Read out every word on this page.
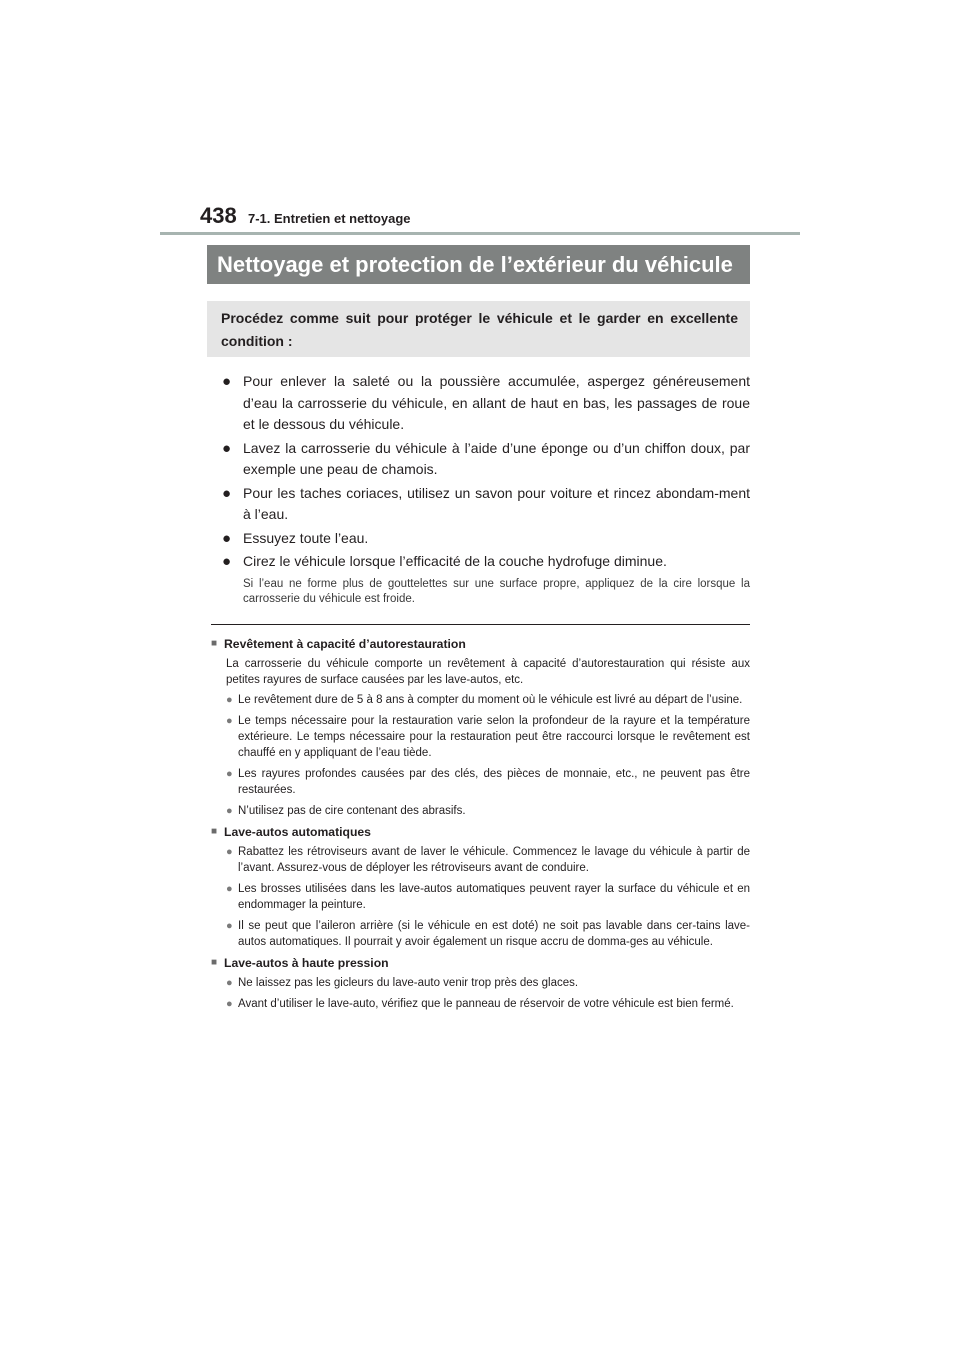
438 7-1. Entretien et nettoyage
Nettoyage et protection de l’extérieur du véhicule
Procédez comme suit pour protéger le véhicule et le garder en excellente condition :
● Pour enlever la saleté ou la poussière accumulée, aspergez généreusement d’eau la carrosserie du véhicule, en allant de haut en bas, les passages de roue et le dessous du véhicule.
● Lavez la carrosserie du véhicule à l’aide d’une éponge ou d’un chiffon doux, par exemple une peau de chamois.
● Pour les taches coriaces, utilisez un savon pour voiture et rincez abondam-ment à l’eau.
● Essuyez toute l’eau.
● Cirez le véhicule lorsque l’efficacité de la couche hydrofuge diminue.
Si l’eau ne forme plus de gouttelettes sur une surface propre, appliquez de la cire lorsque la carrosserie du véhicule est froide.
■ Revêtement à capacité d’autorestauration
La carrosserie du véhicule comporte un revêtement à capacité d’autorestauration qui résiste aux petites rayures de surface causées par les lave-autos, etc.
● Le revêtement dure de 5 à 8 ans à compter du moment où le véhicule est livré au départ de l’usine.
● Le temps nécessaire pour la restauration varie selon la profondeur de la rayure et la température extérieure. Le temps nécessaire pour la restauration peut être raccourci lorsque le revêtement est chauffé en y appliquant de l’eau tiède.
● Les rayures profondes causées par des clés, des pièces de monnaie, etc., ne peuvent pas être restaurées.
● N’utilisez pas de cire contenant des abrasifs.
■ Lave-autos automatiques
● Rabattez les rétroviseurs avant de laver le véhicule. Commencez le lavage du véhicule à partir de l’avant. Assurez-vous de déployer les rétroviseurs avant de conduire.
● Les brosses utilisées dans les lave-autos automatiques peuvent rayer la surface du véhicule et en endommager la peinture.
● Il se peut que l’aileron arrière (si le véhicule en est doté) ne soit pas lavable dans cer-tains lave-autos automatiques. Il pourrait y avoir également un risque accru de domma-ges au véhicule.
■ Lave-autos à haute pression
● Ne laissez pas les gicleurs du lave-auto venir trop près des glaces.
● Avant d’utiliser le lave-auto, vérifiez que le panneau de réservoir de votre véhicule est bien fermé.
